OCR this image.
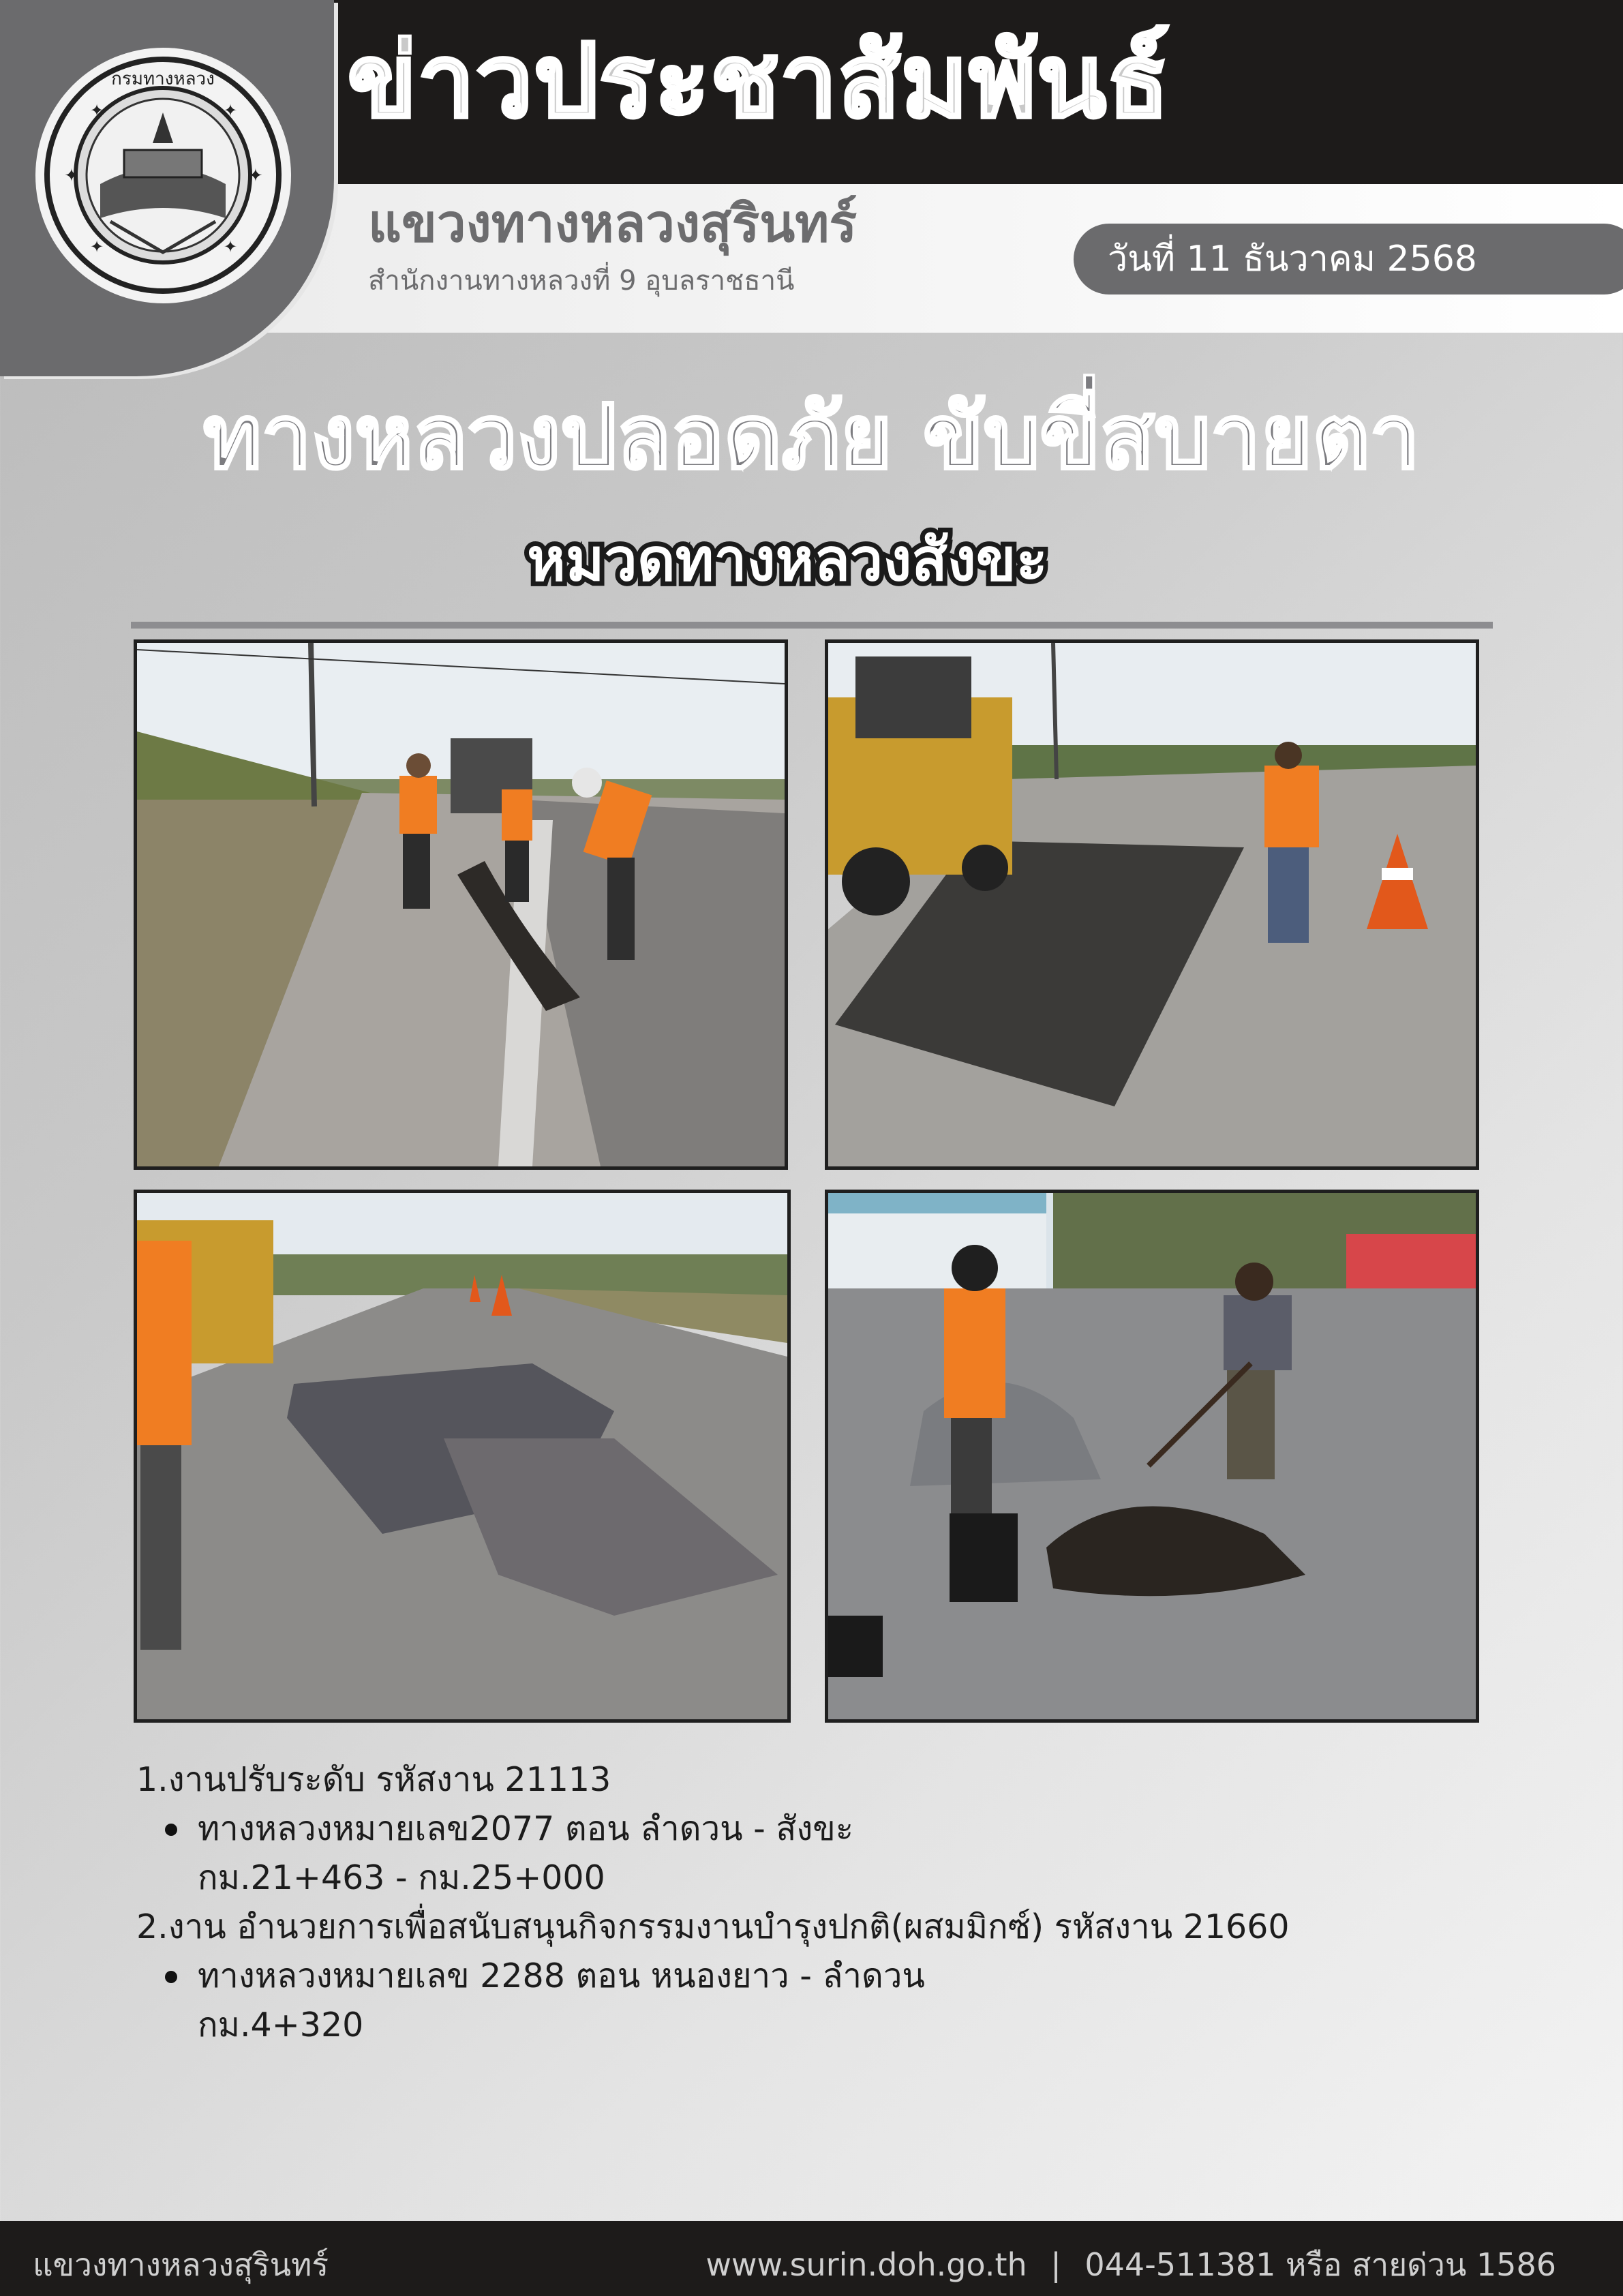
กรมทางหลวง
✦	✦
✦	✦
✦	✦
ข่าวประชาสัมพันธ์
แขวงทางหลวงสุรินทร์
สำนักงานทางหลวงที่ 9 อุบลราชธานี
วันที่ 11 ธันวาคม 2568
ทางหลวงปลอดภัย ขับขี่สบายตา
หมวดทางหลวงสังขะ
1.งานปรับระดับ รหัสงาน 21113
ทางหลวงหมายเลข2077 ตอน ลำดวน - สังขะ
กม.21+463 - กม.25+000
2.งาน อำนวยการเพื่อสนับสนุนกิจกรรมงานบำรุงปกติ(ผสมมิกซ์) รหัสงาน 21660
ทางหลวงหมายเลข 2288 ตอน หนองยาว - ลำดวน
กม.4+320
แขวงทางหลวงสุรินทร์	www.surin.doh.go.th | 044-511381 หรือ สายด่วน 1586
